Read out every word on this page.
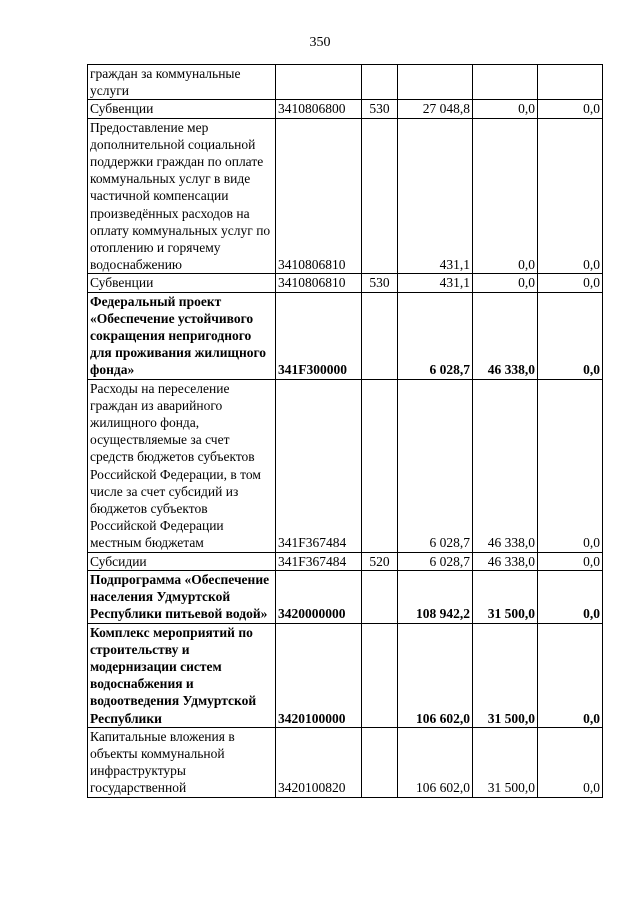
350
граждан за коммунальные услуги					
Субвенции	3410806800	530	27 048,8	0,0	0,0
Предоставление мер дополнительной социальной поддержки граждан по оплате коммунальных услуг в виде частичной компенсации произведённых расходов на оплату коммунальных услуг по отоплению и горячему водоснабжению	3410806810		431,1	0,0	0,0
Субвенции	3410806810	530	431,1	0,0	0,0
Федеральный проект «Обеспечение устойчивого сокращения непригодного для проживания жилищного фонда»	341F300000		6 028,7	46 338,0	0,0
Расходы на переселение граждан из аварийного жилищного фонда, осуществляемые за счет средств бюджетов субъектов Российской Федерации, в том числе за счет субсидий из бюджетов субъектов Российской Федерации местным бюджетам	341F367484		6 028,7	46 338,0	0,0
Субсидии	341F367484	520	6 028,7	46 338,0	0,0
Подпрограмма «Обеспечение населения Удмуртской Республики питьевой водой»	3420000000		108 942,2	31 500,0	0,0
Комплекс мероприятий по строительству и модернизации систем водоснабжения и водоотведения Удмуртской Республики	3420100000		106 602,0	31 500,0	0,0
Капитальные вложения в объекты коммунальной инфраструктуры государственной	3420100820		106 602,0	31 500,0	0,0
